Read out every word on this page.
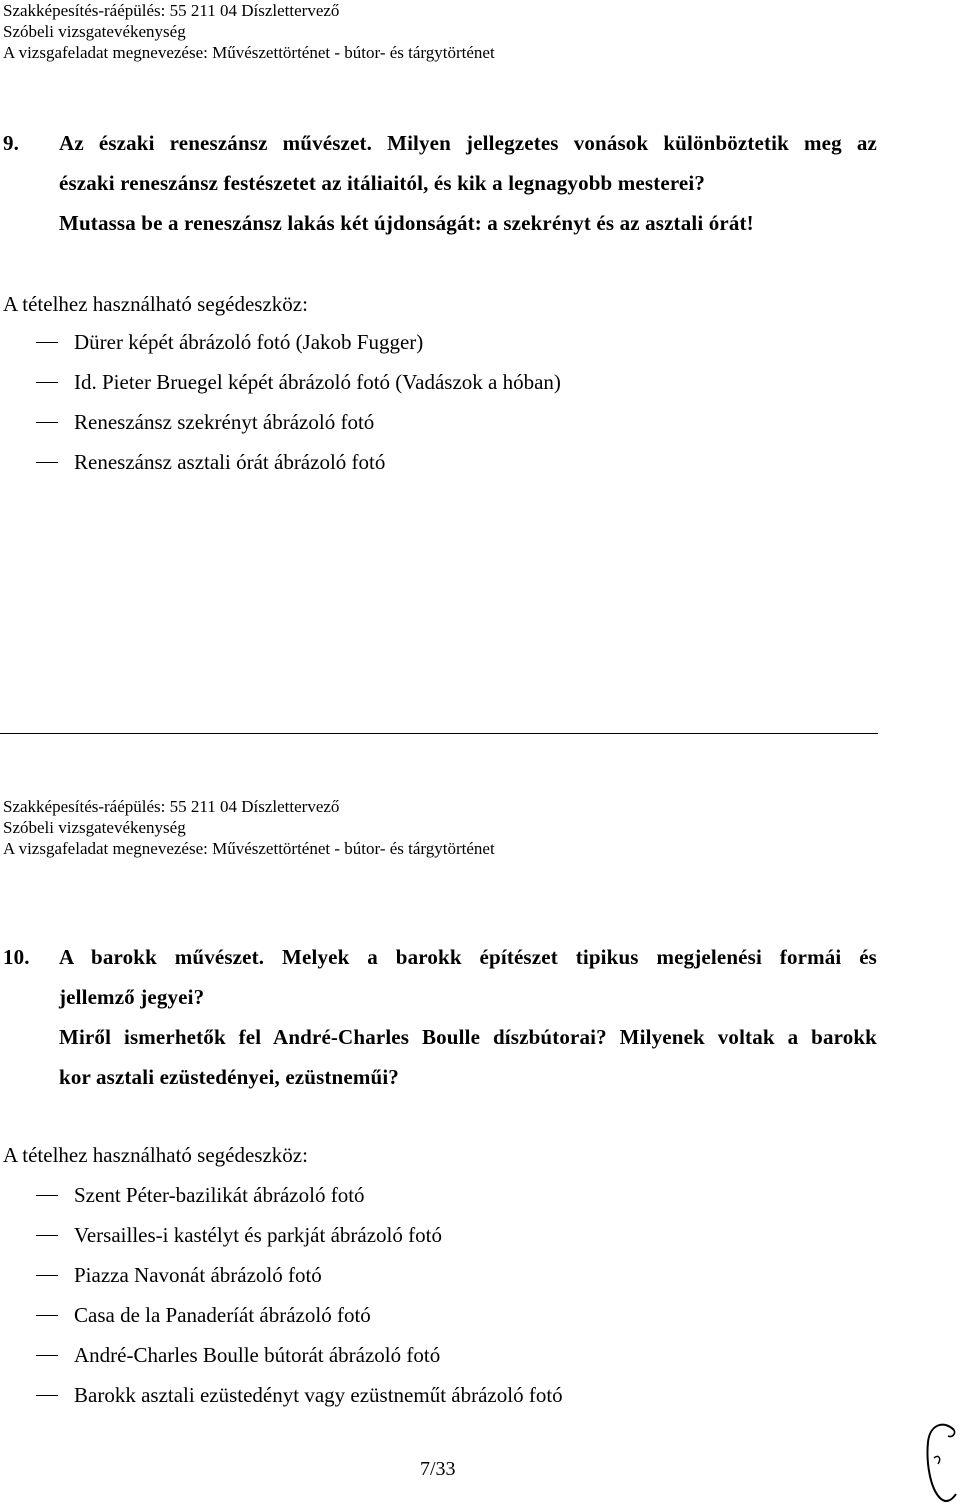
Szakképesítés-ráépülés: 55 211 04 Díszlettervező
Szóbeli vizsgatevékenység
A vizsgafeladat megnevezése: Művészettörténet - bútor- és tárgytörténet
9. Az északi reneszánsz művészet. Milyen jellegzetes vonások különböztetik meg az
északi reneszánsz festészetet az itáliaitól, és kik a legnagyobb mesterei?
Mutassa be a reneszánsz lakás két újdonságát: a szekrényt és az asztali órát!
A tételhez használható segédeszköz:
Dürer képét ábrázoló fotó (Jakob Fugger)
Id. Pieter Bruegel képét ábrázoló fotó (Vadászok a hóban)
Reneszánsz szekrényt ábrázoló fotó
Reneszánsz asztali órát ábrázoló fotó
Szakképesítés-ráépülés: 55 211 04 Díszlettervező
Szóbeli vizsgatevékenység
A vizsgafeladat megnevezése: Művészettörténet - bútor- és tárgytörténet
10. A barokk művészet. Melyek a barokk építészet tipikus megjelenési formái és
jellemző jegyei?
Miről ismerhetők fel André-Charles Boulle díszbútorai? Milyenek voltak a barokk
kor asztali ezüstedényei, ezüstneműi?
A tételhez használható segédeszköz:
Szent Péter-bazilikát ábrázoló fotó
Versailles-i kastélyt és parkját ábrázoló fotó
Piazza Navonát ábrázoló fotó
Casa de la Panaderíát ábrázoló fotó
André-Charles Boulle bútorát ábrázoló fotó
Barokk asztali ezüstedényt vagy ezüstneműt ábrázoló fotó
7/33
